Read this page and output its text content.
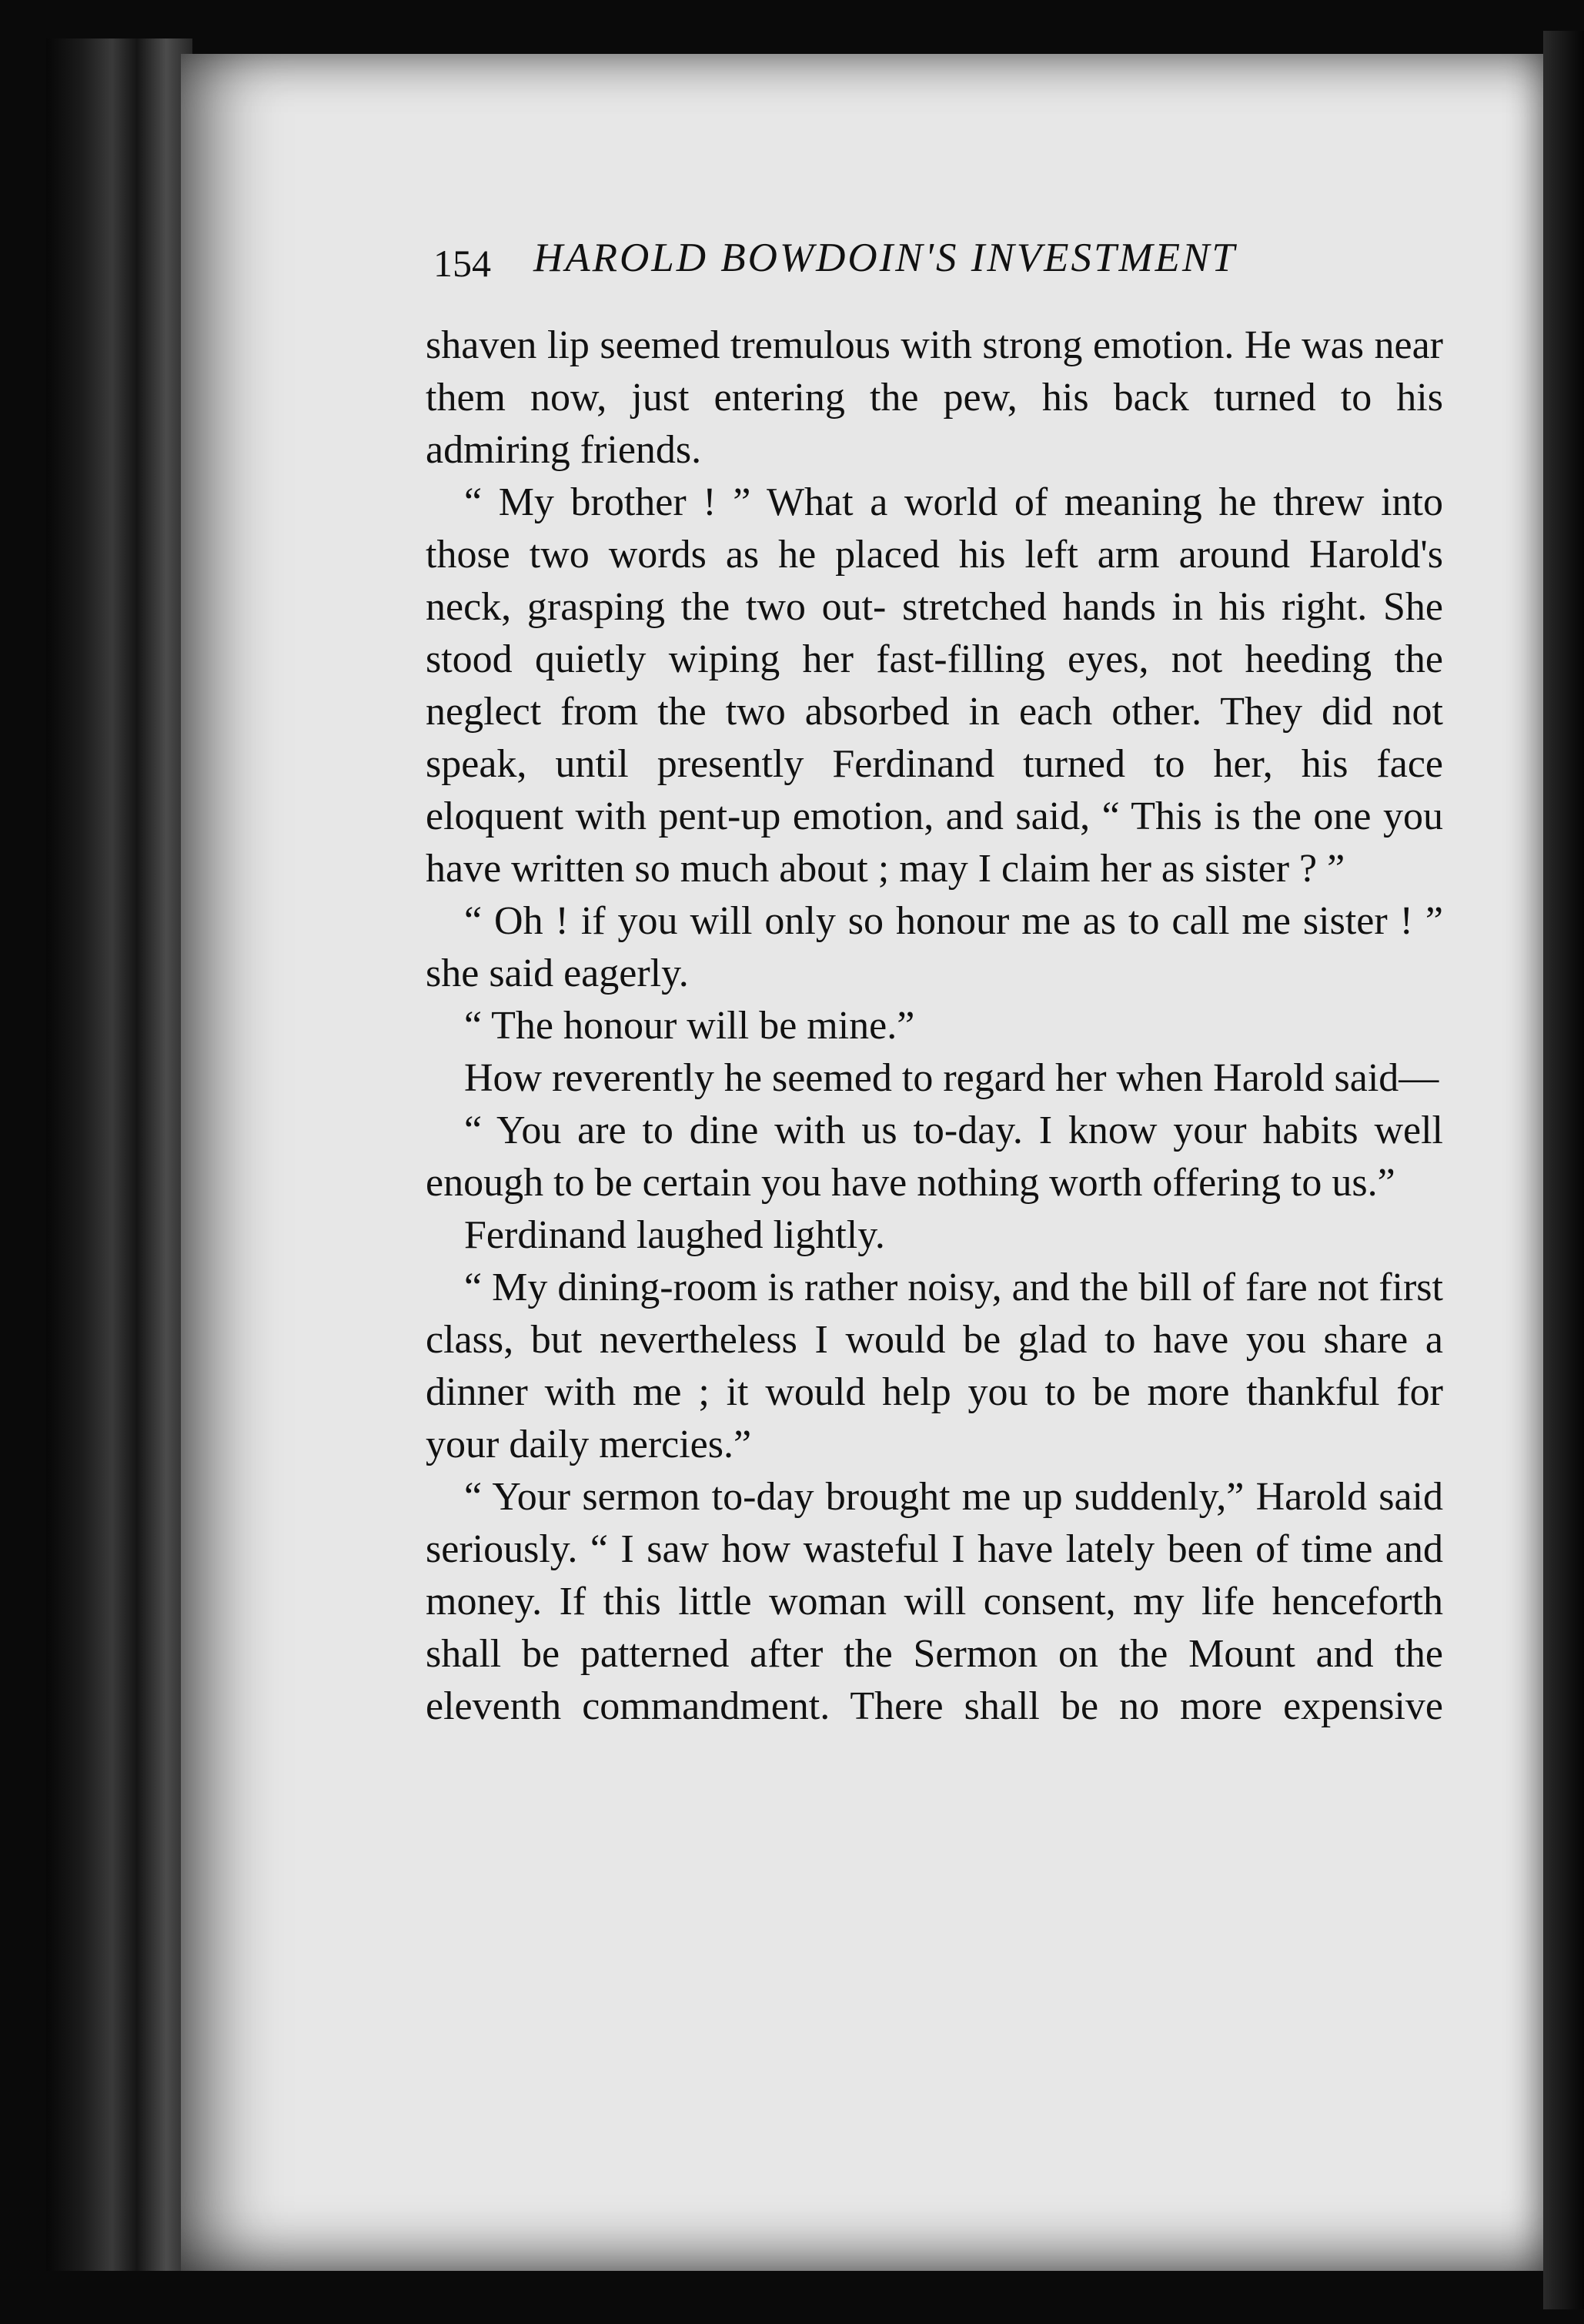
154 HAROLD BOWDOIN'S INVESTMENT

shaven lip seemed tremulous with strong emotion. He was near them now, just entering the pew, his back turned to his admiring friends.

“ My brother ! ” What a world of meaning he threw into those two words as he placed his left arm around Harold's neck, grasping the two out- stretched hands in his right. She stood quietly wiping her fast-filling eyes, not heeding the neglect from the two absorbed in each other. They did not speak, until presently Ferdinand turned to her, his face eloquent with pent-up emotion, and said, “ This is the one you have written so much about ; may I claim her as sister ? ”

“ Oh ! if you will only so honour me as to call me sister ! ” she said eagerly.

“ The honour will be mine.”

How reverently he seemed to regard her when Harold said—

“ You are to dine with us to-day. I know your habits well enough to be certain you have nothing worth offering to us.”

Ferdinand laughed lightly.

“ My dining-room is rather noisy, and the bill of fare not first class, but nevertheless I would be glad to have you share a dinner with me ; it would help you to be more thankful for your daily mercies.”

“ Your sermon to-day brought me up suddenly,” Harold said seriously. “ I saw how wasteful I have lately been of time and money. If this little woman will consent, my life henceforth shall be patterned after the Sermon on the Mount and the eleventh commandment. There shall be no more expensive
